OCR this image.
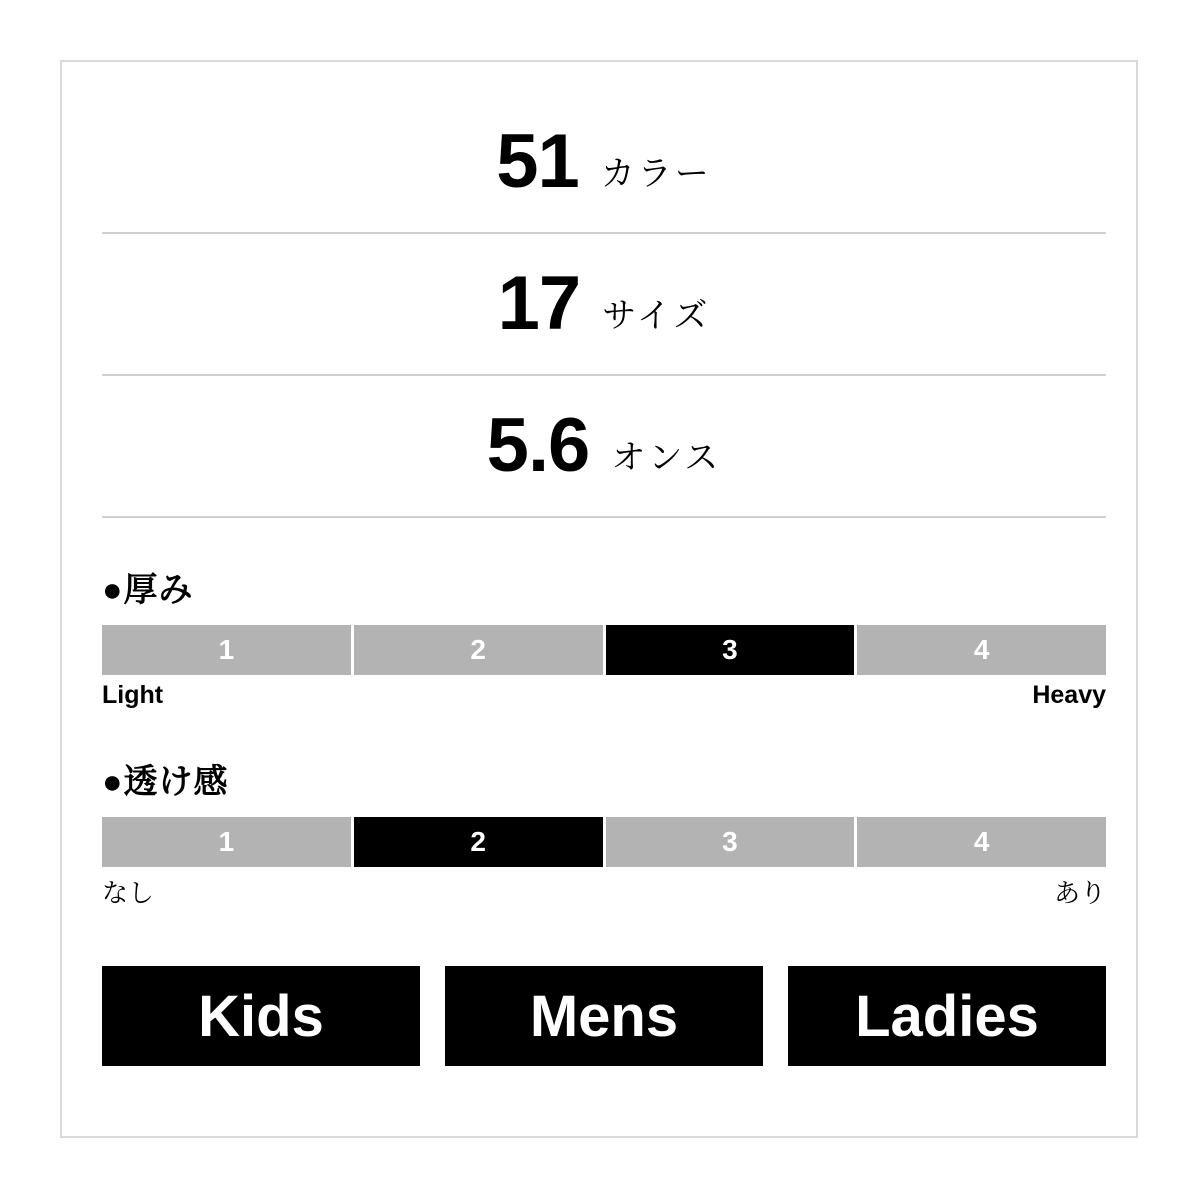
51 カラー
17 サイズ
5.6 オンス
●厚み
1	2	3	4
Light	Heavy
●透け感
1	2	3	4
なし	あり
Kids	Mens	Ladies
